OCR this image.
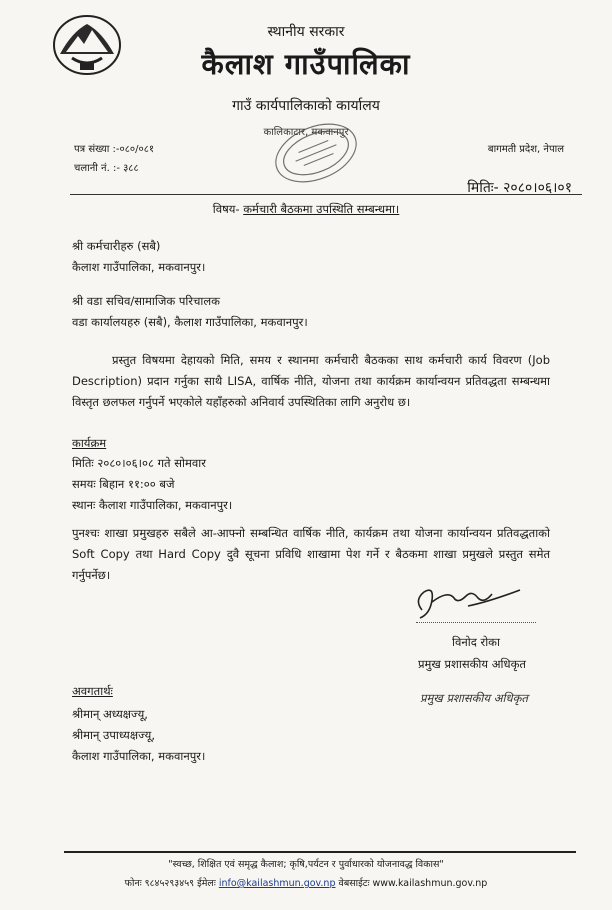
स्थानीय सरकार
कैलाश गाउँपालिका
गाउँ कार्यपालिकाको कार्यालय
कालिकाटार, मकवानपुर
पत्र संख्या :-०८०/०८१
चलानी नं. :- ३८८
बागमती प्रदेश, नेपाल
मितिः- २०८०।०६।०१
विषय- कर्मचारी बैठकमा उपस्थिति सम्बन्धमा।
श्री कर्मचारीहरु (सबै)
कैलाश गाउँपालिका, मकवानपुर।
श्री वडा सचिव/सामाजिक परिचालक
वडा कार्यालयहरु (सबै), कैलाश गाउँपालिका, मकवानपुर।
प्रस्तुत विषयमा देहायको मिति, समय र स्थानमा कर्मचारी बैठकका साथ कर्मचारी कार्य विवरण (Job Description) प्रदान गर्नुका साथै LISA, वार्षिक नीति, योजना तथा कार्यक्रम कार्यान्वयन प्रतिवद्धता सम्बन्धमा विस्तृत छलफल गर्नुपर्ने भएकोले यहाँहरुको अनिवार्य उपस्थितिका लागि अनुरोध छ।
कार्यक्रम
मितिः २०८०।०६।०८ गते सोमवार
समयः बिहान ११:०० बजे
स्थानः कैलाश गाउँपालिका, मकवानपुर।
पुनश्चः शाखा प्रमुखहरु सबैले आ-आफ्नो सम्बन्धित वार्षिक नीति, कार्यक्रम तथा योजना कार्यान्वयन प्रतिवद्धताको Soft Copy तथा Hard Copy दुवै सूचना प्रविधि शाखामा पेश गर्ने र बैठकमा शाखा प्रमुखले प्रस्तुत समेत गर्नुपर्नेछ।
विनोद रोका
प्रमुख प्रशासकीय अधिकृत
प्रमुख प्रशासकीय अधिकृत
अवगतार्थः
श्रीमान् अध्यक्षज्यू,
श्रीमान् उपाध्यक्षज्यू,
कैलाश गाउँपालिका, मकवानपुर।
"स्वच्छ, शिक्षित एवं समृद्ध कैलाश; कृषि,पर्यटन र पुर्वाधारको योजनावद्ध विकास"
फोनः ९८४५२९३४५९ ईमेलः info@kailashmun.gov.np वेबसाईटः www.kailashmun.gov.np
